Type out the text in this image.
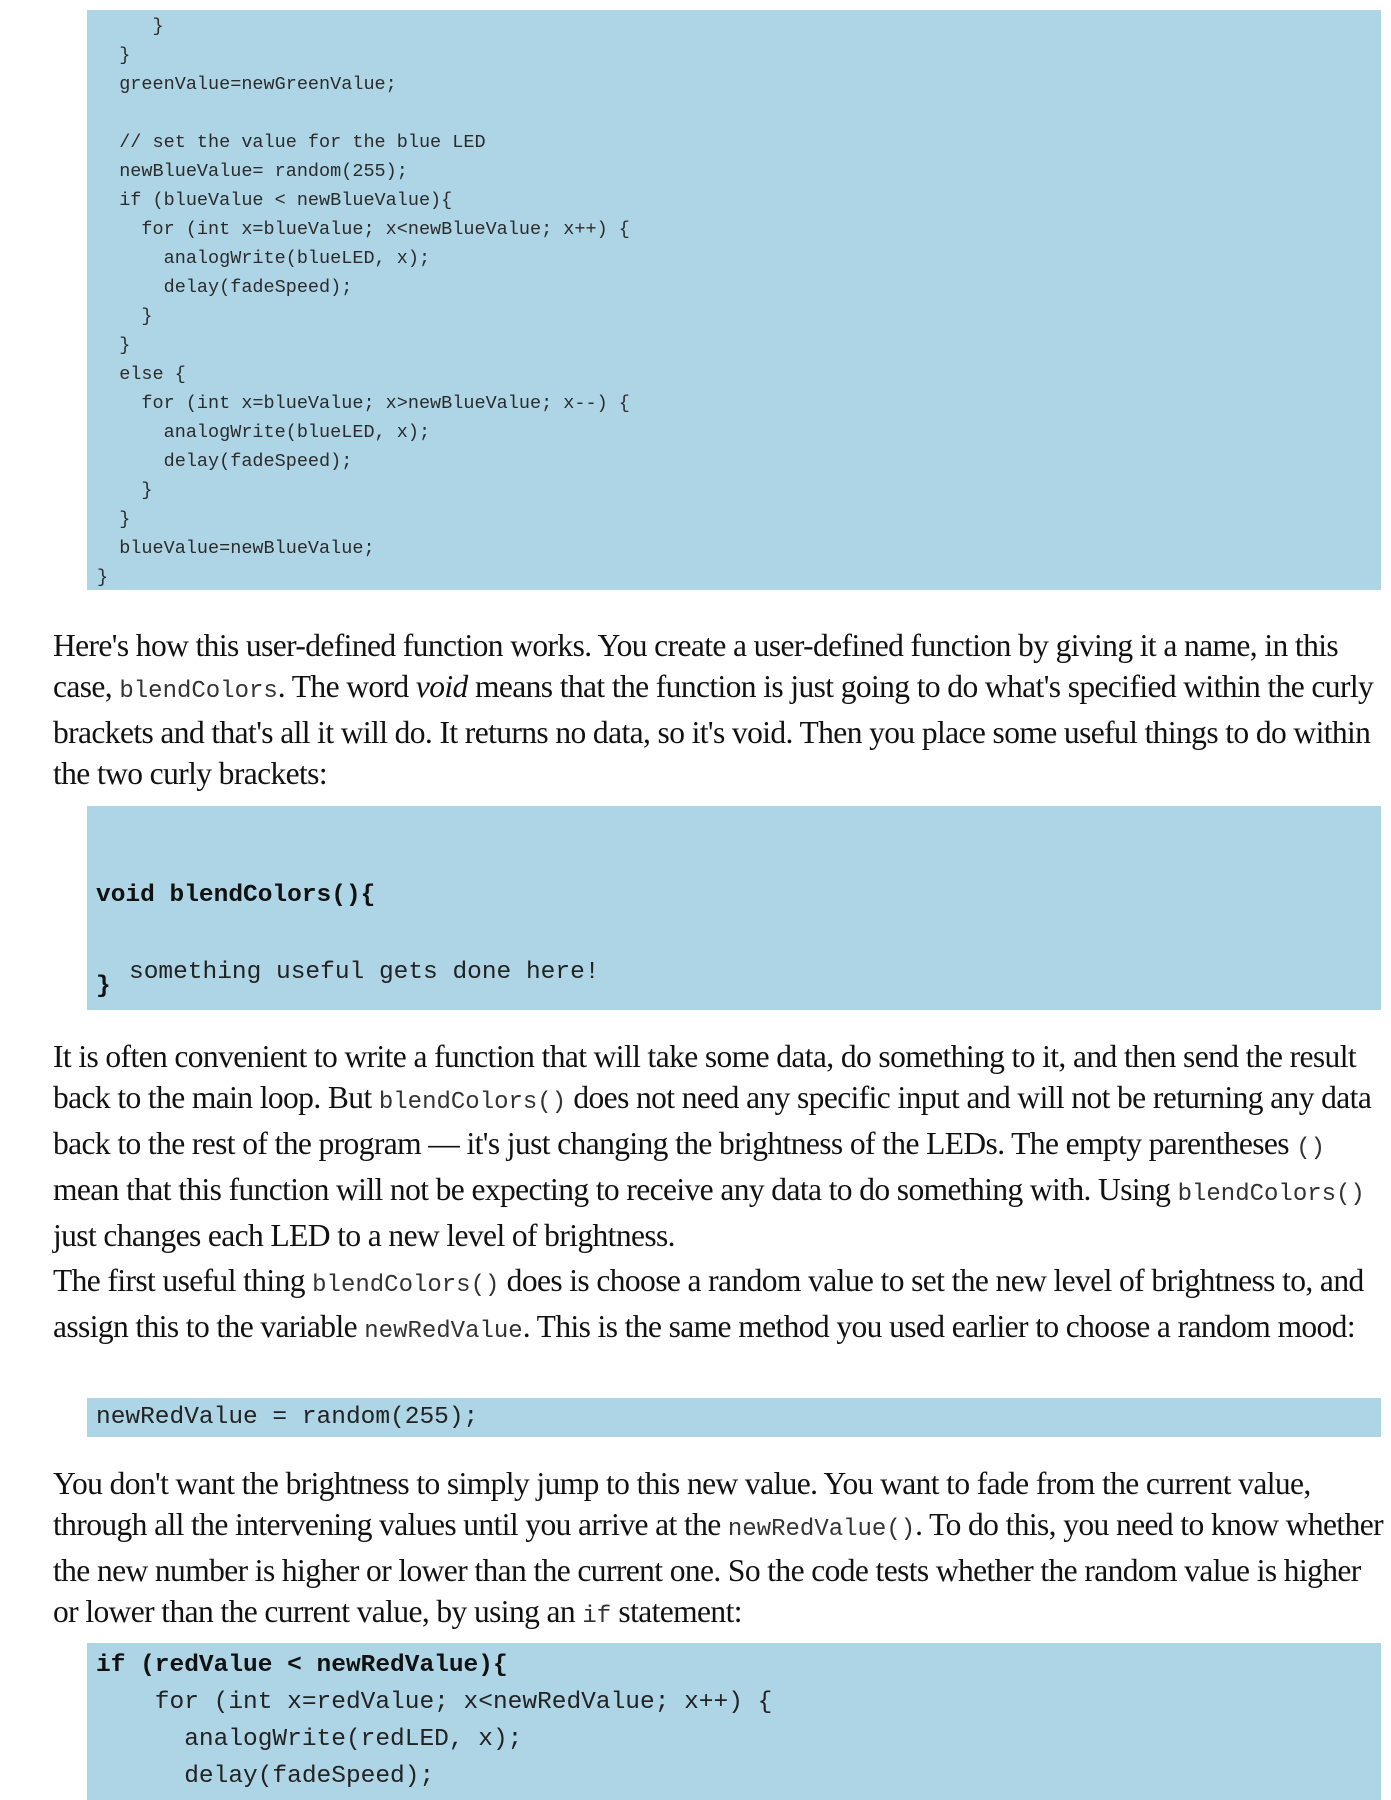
}
}
greenValue=newGreenValue;

// set the value for the blue LED
newBlueValue= random(255);
if (blueValue < newBlueValue){
for (int x=blueValue; x<newBlueValue; x++) {
analogWrite(blueLED, x);
delay(fadeSpeed);
}
}
else {
for (int x=blueValue; x>newBlueValue; x--) {
analogWrite(blueLED, x);
delay(fadeSpeed);
}
}
blueValue=newBlueValue;
}

Here's how this user-defined function works. You create a user-defined function by giving it a name, in this case, blendColors. The word void means that the function is just going to do what's specified within the curly brackets and that's all it will do. It returns no data, so it's void. Then you place some useful things to do within the two curly brackets:

void blendColors(){
something useful gets done here!
}

It is often convenient to write a function that will take some data, do something to it, and then send the result back to the main loop. But blendColors() does not need any specific input and will not be returning any data back to the rest of the program — it's just changing the brightness of the LEDs. The empty parentheses () mean that this function will not be expecting to receive any data to do something with. Using blendColors() just changes each LED to a new level of brightness.

The first useful thing blendColors() does is choose a random value to set the new level of brightness to, and assign this to the variable newRedValue. This is the same method you used earlier to choose a random mood:

newRedValue = random(255);

You don't want the brightness to simply jump to this new value. You want to fade from the current value, through all the intervening values until you arrive at the newRedValue(). To do this, you need to know whether the new number is higher or lower than the current one. So the code tests whether the random value is higher or lower than the current value, by using an if statement:

if (redValue < newRedValue){
for (int x=redValue; x<newRedValue; x++) {
analogWrite(redLED, x);
delay(fadeSpeed);
